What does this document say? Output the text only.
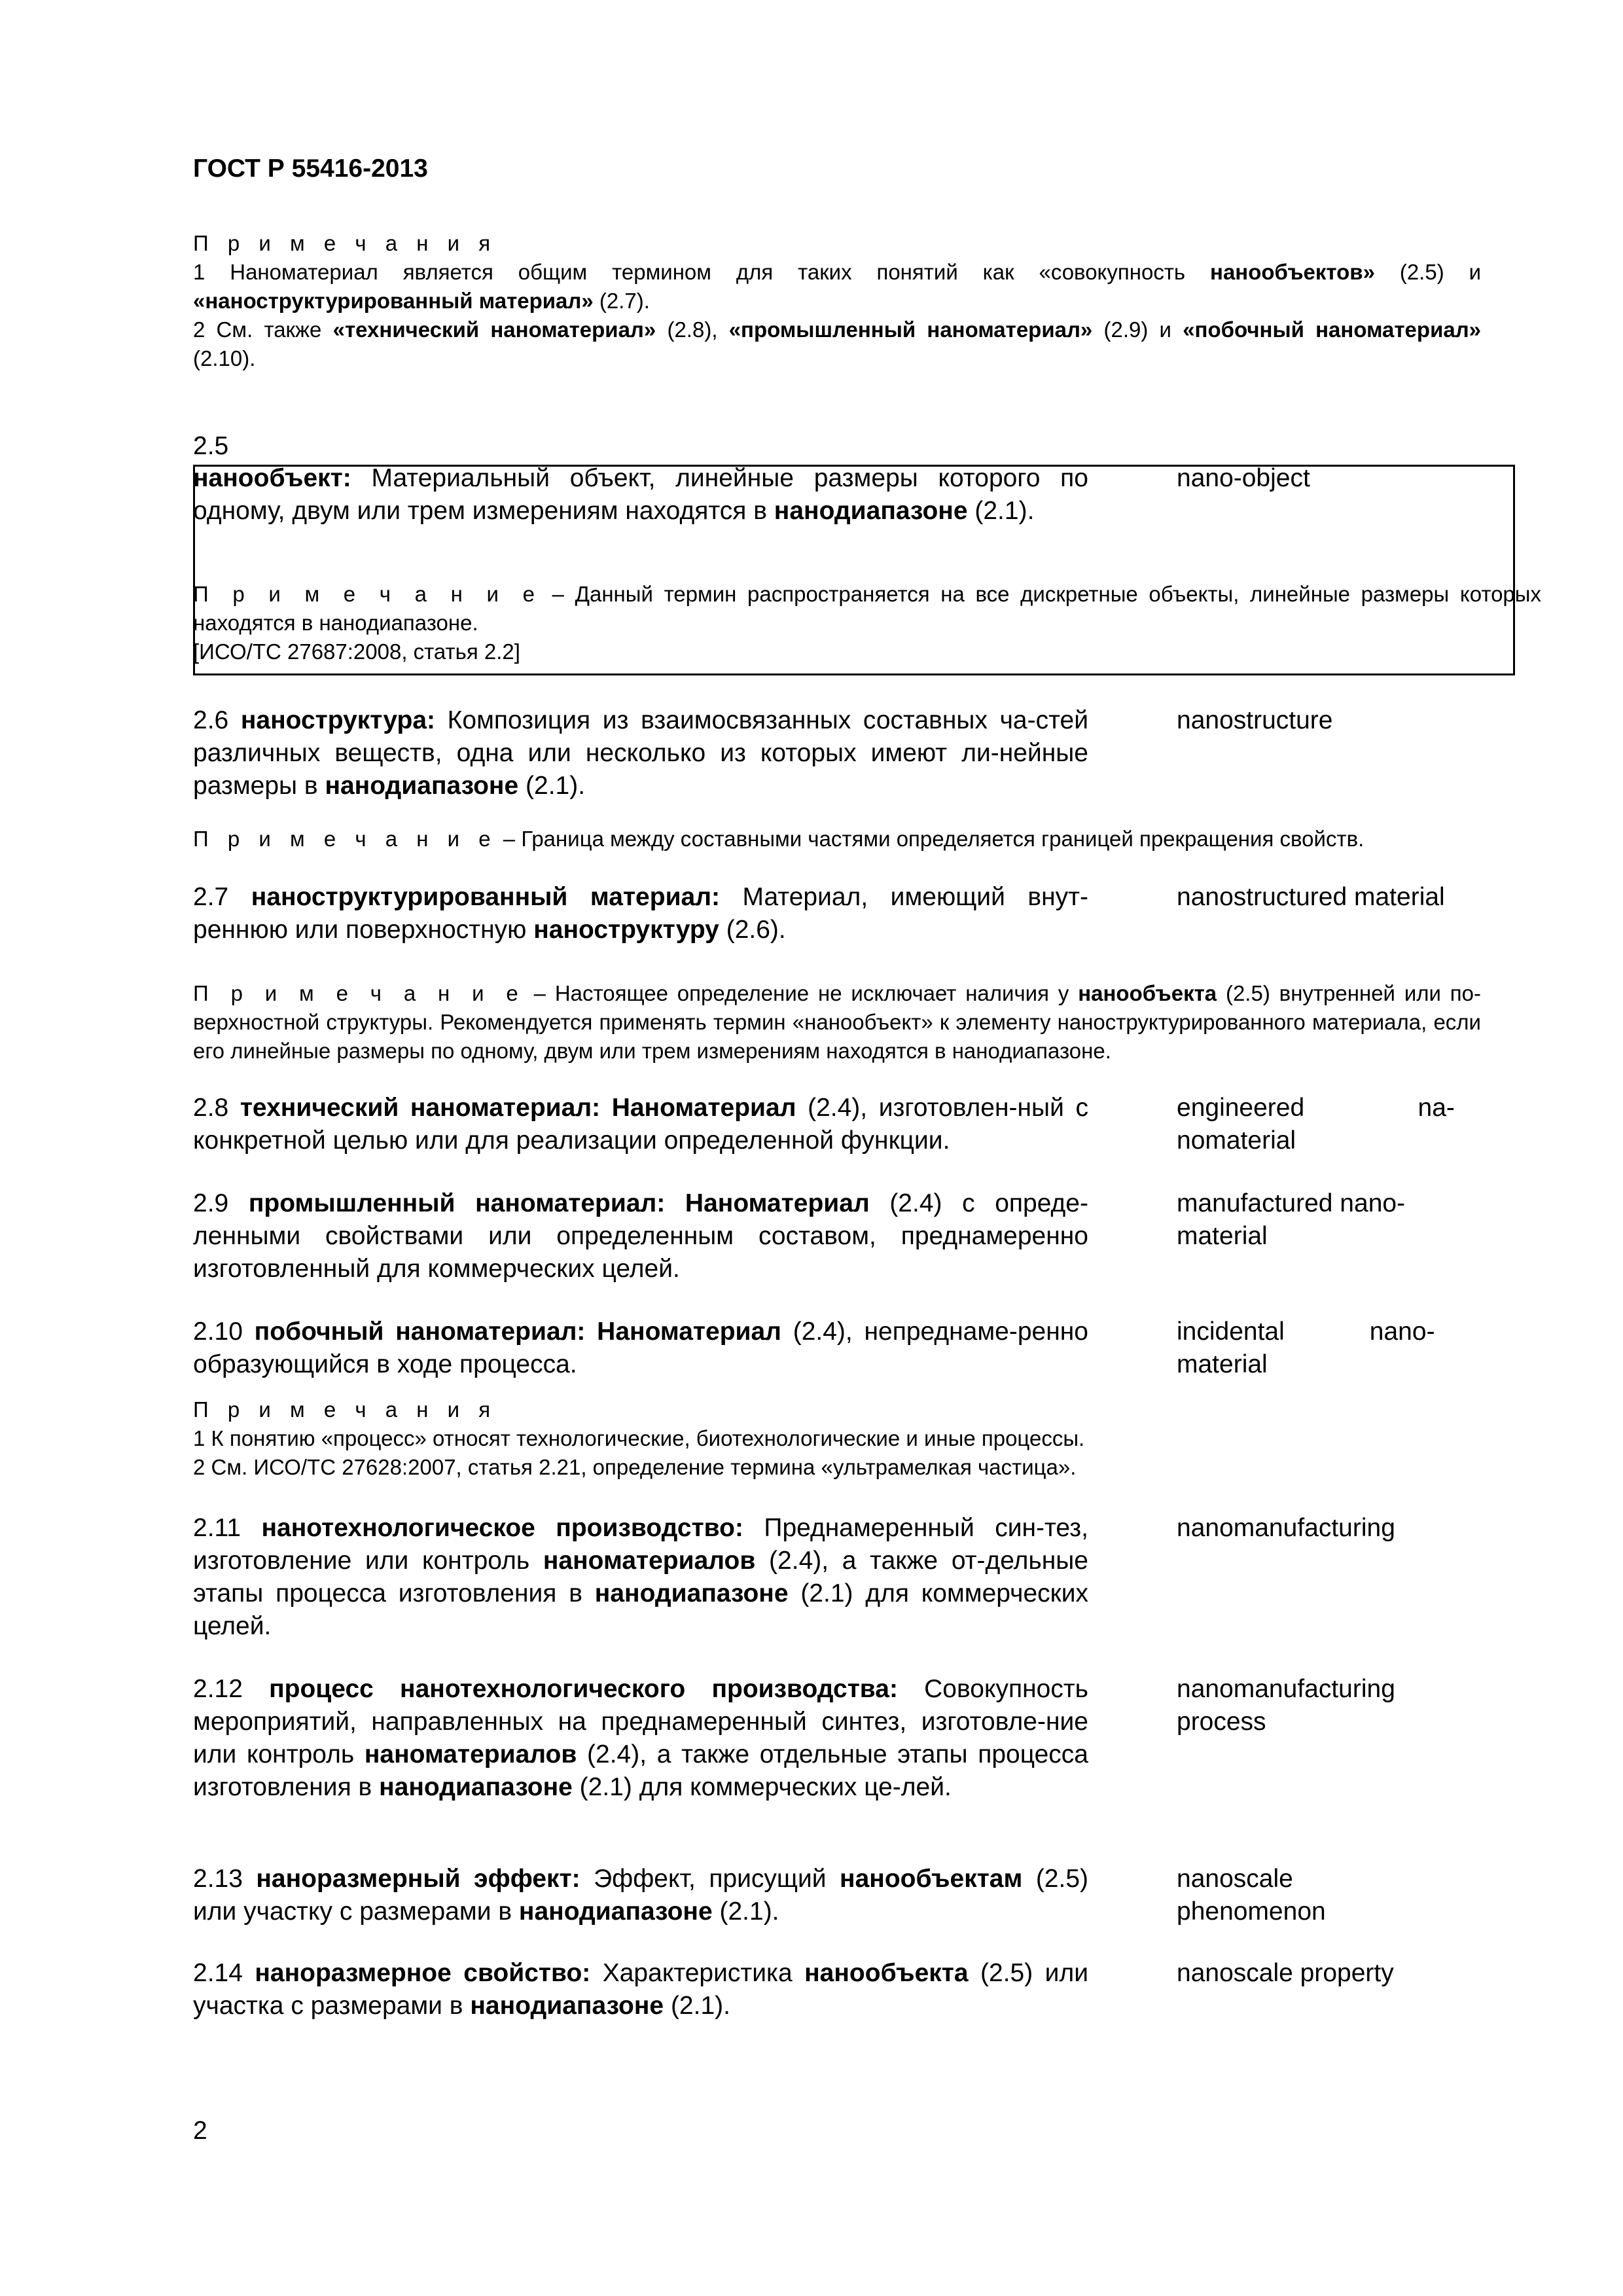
ГОСТ Р 55416-2013
П р и м е ч а н и я
1 Наноматериал является общим термином для таких понятий как «совокупность нанообъектов» (2.5) и «наноструктурированный материал» (2.7).
2 См. также «технический наноматериал» (2.8), «промышленный наноматериал» (2.9) и «побочный наноматериал» (2.10).
2.5
нанообъект: Материальный объект, линейные размеры которого по одному, двум или трем измерениям находятся в нанодиапазоне (2.1).
nano-object
П р и м е ч а н и е – Данный термин распространяется на все дискретные объекты, линейные размеры которых находятся в нанодиапазоне.
[ИСО/ТС 27687:2008, статья 2.2]
2.6 наноструктура: Композиция из взаимосвязанных составных ча-стей различных веществ, одна или несколько из которых имеют ли-нейные размеры в нанодиапазоне (2.1).
nanostructure
П р и м е ч а н и е – Граница между составными частями определяется границей прекращения свойств.
2.7 наноструктурированный материал: Материал, имеющий внут-реннюю или поверхностную наноструктуру (2.6).
nanostructured material
П р и м е ч а н и е – Настоящее определение не исключает наличия у нанообъекта (2.5) внутренней или по-верхностной структуры. Рекомендуется применять термин «нанообъект» к элементу наноструктурированного материала, если его линейные размеры по одному, двум или трем измерениям находятся в нанодиапазоне.
2.8 технический наноматериал: Наноматериал (2.4), изготовлен-ный с конкретной целью или для реализации определенной функции.
engineered                na-
nomaterial
2.9 промышленный наноматериал: Наноматериал (2.4) с опреде-ленными свойствами или определенным составом, преднамеренно изготовленный для коммерческих целей.
manufactured nano-
material
2.10 побочный наноматериал: Наноматериал (2.4), непреднаме-ренно образующийся в ходе процесса.
incidental            nano-
material
П р и м е ч а н и я
1 К понятию «процесс» относят технологические, биотехнологические и иные процессы.
2 См. ИСО/ТС 27628:2007, статья 2.21, определение термина «ультрамелкая частица».
2.11 нанотехнологическое производство: Преднамеренный син-тез, изготовление или контроль наноматериалов (2.4), а также от-дельные этапы процесса изготовления в нанодиапазоне (2.1) для коммерческих целей.
nanomanufacturing
2.12 процесс нанотехнологического производства: Совокупность мероприятий, направленных на преднамеренный синтез, изготовле-ние или контроль наноматериалов (2.4), а также отдельные этапы процесса изготовления в нанодиапазоне (2.1) для коммерческих це-лей.
nanomanufacturing
process
2.13 наноразмерный эффект: Эффект, присущий нанообъектам (2.5) или участку с размерами в нанодиапазоне (2.1).
nanoscale
phenomenon
2.14 наноразмерное свойство: Характеристика нанообъекта (2.5) или участка с размерами в нанодиапазоне (2.1).
nanoscale property
2
